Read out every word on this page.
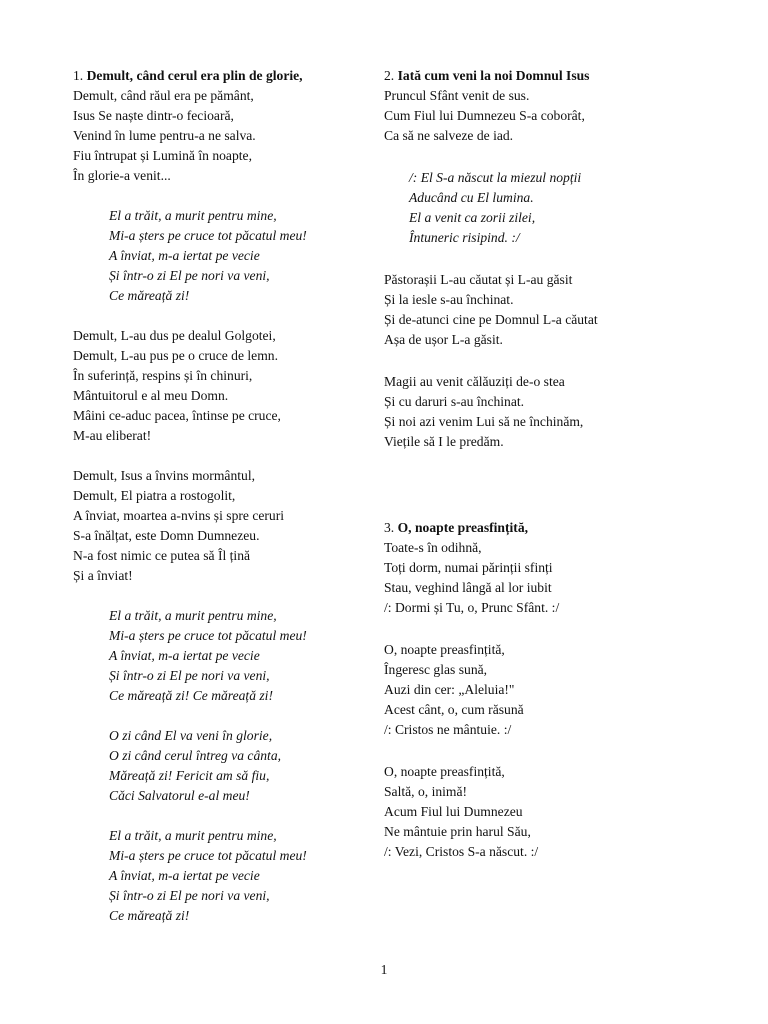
1. Demult, când cerul era plin de glorie,
Demult, când răul era pe pământ,
Isus Se naște dintr-o fecioară,
Venind în lume pentru-a ne salva.
Fiu întrupat și Lumină în noapte,
În glorie-a venit...
El a trăit, a murit pentru mine,
Mi-a șters pe cruce tot păcatul meu!
A înviat, m-a iertat pe vecie
Și într-o zi El pe nori va veni,
Ce măreață zi!
Demult, L-au dus pe dealul Golgotei,
Demult, L-au pus pe o cruce de lemn.
În suferință, respins și în chinuri,
Mântuitorul e al meu Domn.
Mâini ce-aduc pacea, întinse pe cruce,
M-au eliberat!
Demult, Isus a învins mormântul,
Demult, El piatra a rostogolit,
A înviat, moartea a-nvins și spre ceruri
S-a înălțat, este Domn Dumnezeu.
N-a fost nimic ce putea să Îl țină
Și a înviat!
El a trăit, a murit pentru mine,
Mi-a șters pe cruce tot păcatul meu!
A înviat, m-a iertat pe vecie
Și într-o zi El pe nori va veni,
Ce măreață zi! Ce măreață zi!
O zi când El va veni în glorie,
O zi când cerul întreg va cânta,
Măreață zi! Fericit am să fiu,
Căci Salvatorul e-al meu!
El a trăit, a murit pentru mine,
Mi-a șters pe cruce tot păcatul meu!
A înviat, m-a iertat pe vecie
Și într-o zi El pe nori va veni,
Ce măreață zi!
2. Iată cum veni la noi Domnul Isus
Pruncul Sfânt venit de sus.
Cum Fiul lui Dumnezeu S-a coborât,
Ca să ne salveze de iad.
/: El S-a născut la miezul nopții
Aducând cu El lumina.
El a venit ca zorii zilei,
Întuneric risipind. :/
Păstorașii L-au căutat și L-au găsit
Și la iesle s-au închinat.
Și de-atunci cine pe Domnul L-a căutat
Așa de ușor L-a găsit.
Magii au venit călăuziți de-o stea
Și cu daruri s-au închinat.
Și noi azi venim Lui să ne închinăm,
Viețile să I le predăm.
3. O, noapte preasfințită,
Toate-s în odihnă,
Toți dorm, numai părinții sfinți
Stau, veghind lângă al lor iubit
/: Dormi și Tu, o, Prunc Sfânt. :/
O, noapte preasfințită,
Îngeresc glas sună,
Auzi din cer: „Aleluia!"
Acest cânt, o, cum răsună
/: Cristos ne mântuie. :/
O, noapte preasfințită,
Saltă, o, inimă!
Acum Fiul lui Dumnezeu
Ne mântuie prin harul Său,
/: Vezi, Cristos S-a născut. :/
1
